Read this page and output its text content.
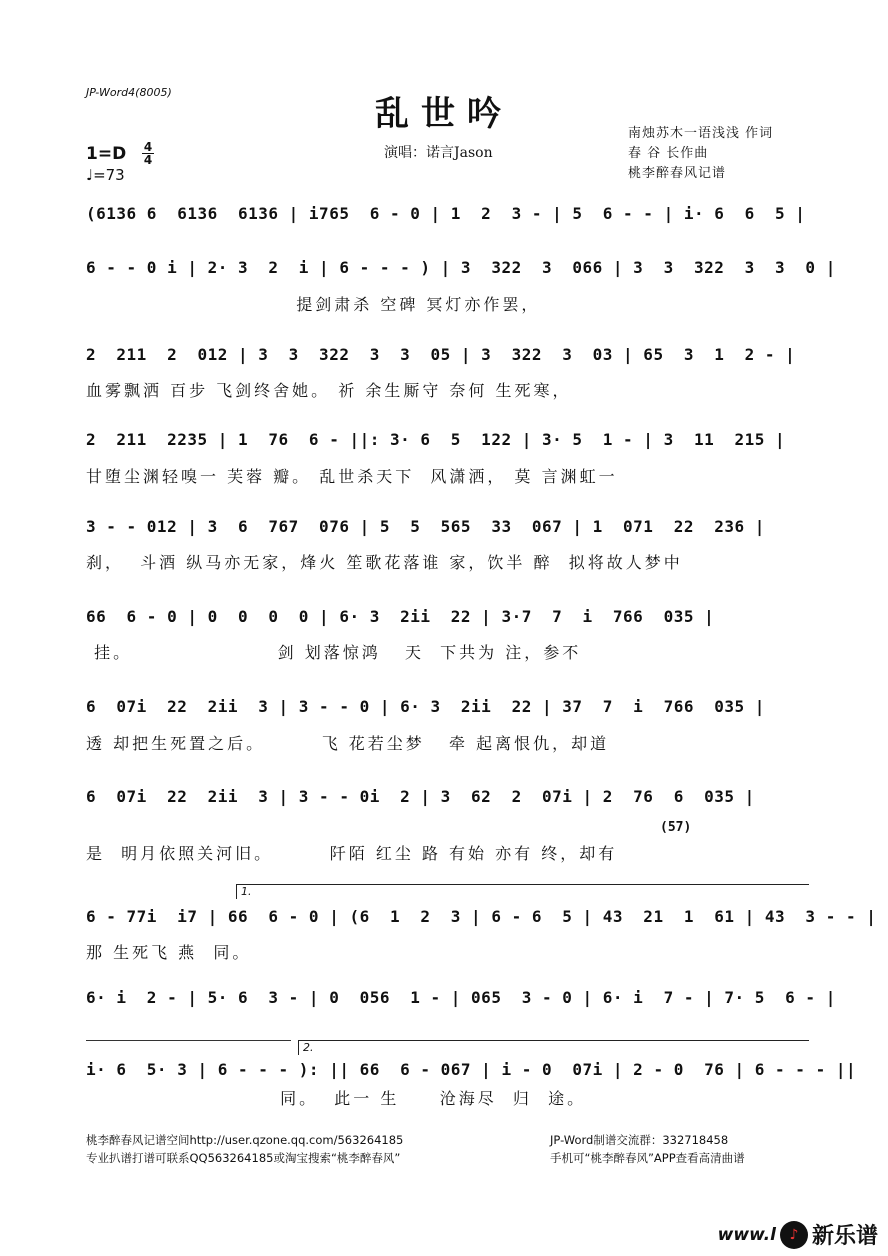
JP-Word4(8005)
乱世吟
1=D 4
4
♩=73
演唱：诺言Jason
南烛苏木一语浅浅 作词
春 谷 长作曲
桃李醉春风记谱
(6136 6  6136  6136 | i765  6 - 0 | 1  2  3 - | 5  6 - - | i· 6  6  5 |
6 - - 0 i | 2· 3  2  i | 6 - - - ) | 3  322  3  066 | 3  3  322  3  3  0 |
提剑肃杀 空碑 冥灯亦作罢，
2  211  2  012 | 3  3  322  3  3  05 | 3  322  3  03 | 65  3  1  2 - |
血雾飘洒 百步 飞剑终舍她。 祈 余生厮守 奈何 生死寒，
2  211  2235 | 1  76  6 - ||: 3· 6  5  122 | 3· 5  1 - | 3  11  215 |
甘堕尘渊轻嗅一 芙蓉 瓣。 乱世杀天下  风潇洒， 莫 言渊虹一
3 - - 012 | 3  6  767  076 | 5  5  565  33  067 | 1  071  22  236 |
刹，  斗酒 纵马亦无家，烽火 笙歌花落谁 家，饮半 醉  拟将故人梦中
66  6 - 0 | 0  0  0  0 | 6· 3  2ii  22 | 3·7  7  i  766  035 |
挂。                  剑 划落惊鸿   天  下共为 注，参不
6  07i  22  2ii  3 | 3 - - 0 | 6· 3  2ii  22 | 37  7  i  766  035 |
透 却把生死置之后。       飞 花若尘梦   牵 起离恨仇，却道
6  07i  22  2ii  3 | 3 - - 0i  2 | 3  62  2  07i | 2  76  6  035 |
(57)
是  明月依照关河旧。       阡陌 红尘 路 有始 亦有 终，却有
1.
6 - 77i  i7 | 66  6 - 0 | (6  1  2  3 | 6 - 6  5 | 43  21  1  61 | 43  3 - - |
那 生死飞 燕  同。
6· i  2 - | 5· 6  3 - | 0  056  1 - | 065  3 - 0 | 6· i  7 - | 7· 5  6 - |
2.
i· 6  5· 3 | 6 - - - ): || 66  6 - 067 | i - 0  07i | 2 - 0  76 | 6 - - - ||
同。  此一 生     沧海尽  归  途。
桃李醉春风记谱空间http://user.qzone.qq.com/563264185
专业扒谱打谱可联系QQ563264185或淘宝搜索“桃李醉春风”
JP-Word制谱交流群：332718458
手机可“桃李醉春风”APP查看高清曲谱
www.l ♪ 新乐谱
